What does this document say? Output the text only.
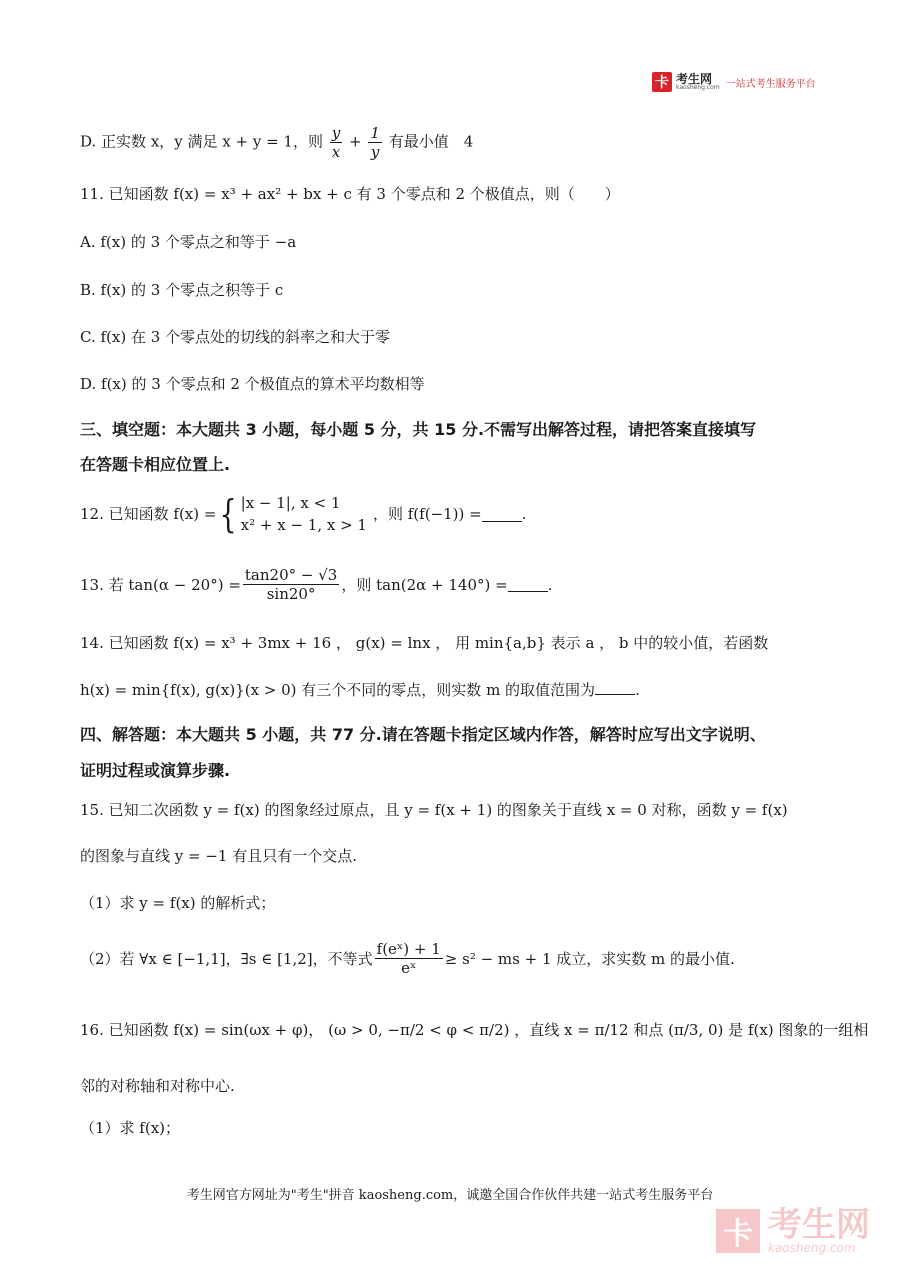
卡 考生网
kaosheng.com 一站式考生服务平台
D. 正实数 x，y 满足 x + y = 1，则 $\frac{y}{x} + \frac{1}{y}$ 有最小值　4
11. 已知函数 f(x) = x³ + ax² + bx + c 有 3 个零点和 2 个极值点，则（　　）
A. f(x) 的 3 个零点之和等于 −a
B. f(x) 的 3 个零点之积等于 c
C. f(x) 在 3 个零点处的切线的斜率之和大于零
D. f(x) 的 3 个零点和 2 个极值点的算术平均数相等
三、填空题：本大题共 3 小题，每小题 5 分，共 15 分.不需写出解答过程，请把答案直接填写
在答题卡相应位置上.
12. 已知函数 f(x) = { |x − 1|, x < 1
x² + x − 1, x > 1
，则 f(f(−1)) =	.
13. 若 $\tan(\alpha - 20^\circ) = \frac{\tan 20^\circ - √3}{\sin 20^\circ}$ ，则 tan(2α + 140°) =	.
14. 已知函数 f(x) = x³ + 3mx + 16 ， g(x) = lnx ， 用 min{a,b} 表示 a ， b 中的较小值，若函数
h(x) = min{f(x), g(x)}(x > 0) 有三个不同的零点，则实数 m 的取值范围为	.
四、解答题：本大题共 5 小题，共 77 分.请在答题卡指定区域内作答，解答时应写出文字说明、
证明过程或演算步骤.
15. 已知二次函数 y = f(x) 的图象经过原点，且 y = f(x + 1) 的图象关于直线 x = 0 对称，函数 y = f(x)
的图象与直线 y = −1 有且只有一个交点.
（1）求 y = f(x) 的解析式；
（2）若 ∀x ∈ [−1,1]，∃s ∈ [1,2]，不等式 $\frac{\text{f(eˣ) + 1}}{\text{eˣ}} \ge s^2$ − ms + 1 成立，求实数 m 的最小值.
16. 已知函数 f(x) = sin(ωx + φ)， (ω > 0, −π/2 < φ < π/2) ，直线 x = π/12 和点 (π/3, 0) 是 f(x) 图象的一组相
邻的对称轴和对称中心.
（1）求 f(x)；
考生网官方网址为"考生"拼音 kaosheng.com，诚邀全国合作伙伴共建一站式考生服务平台
卡 考生网
kaosheng.com
